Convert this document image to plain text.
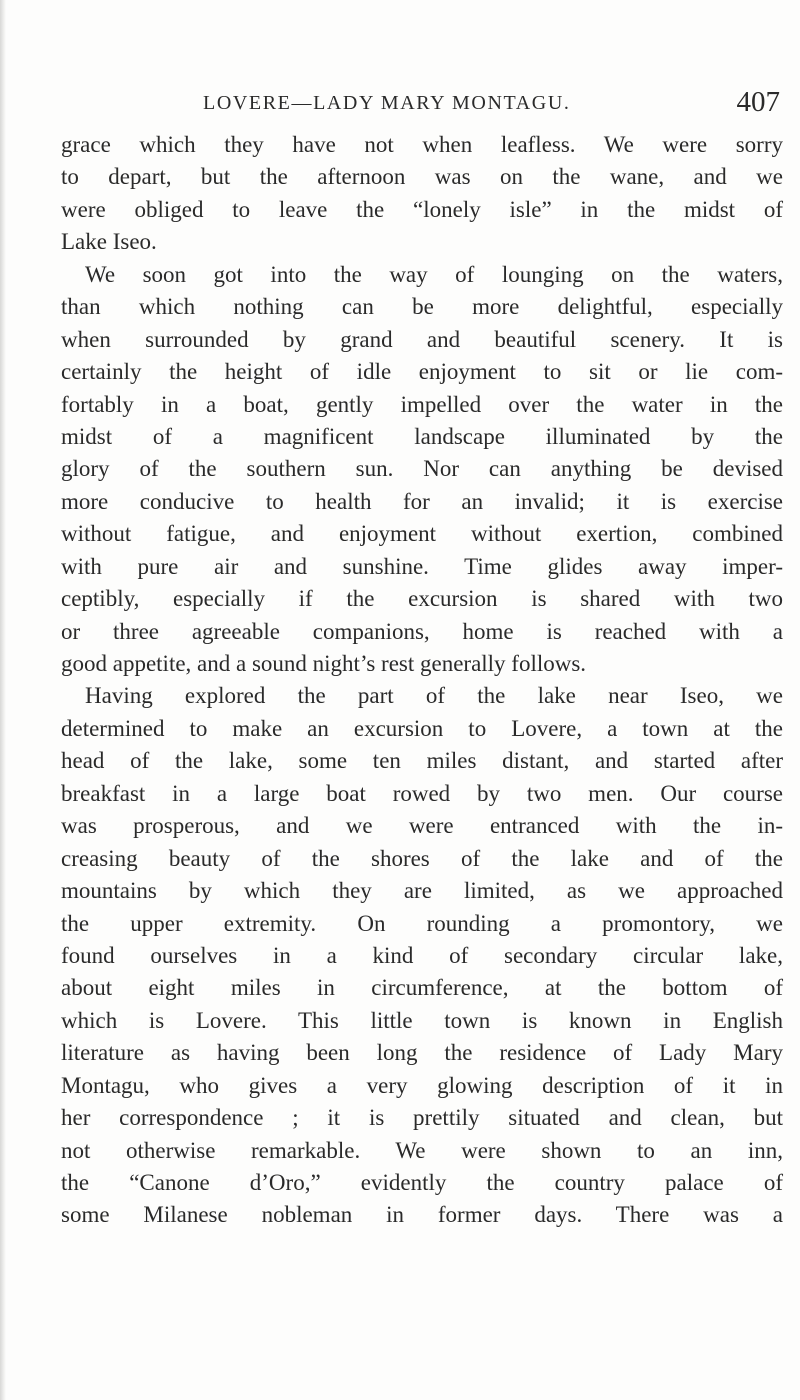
LOVERE—LADY MARY MONTAGU.	407
grace which they have not when leafless. We were sorry
to depart, but the afternoon was on the wane, and we
were obliged to leave the “lonely isle” in the midst of
Lake Iseo.
We soon got into the way of lounging on the waters,
than which nothing can be more delightful, especially
when surrounded by grand and beautiful scenery. It is
certainly the height of idle enjoyment to sit or lie com-
fortably in a boat, gently impelled over the water in the
midst of a magnificent landscape illuminated by the
glory of the southern sun. Nor can anything be devised
more conducive to health for an invalid; it is exercise
without fatigue, and enjoyment without exertion, combined
with pure air and sunshine. Time glides away imper-
ceptibly, especially if the excursion is shared with two
or three agreeable companions, home is reached with a
good appetite, and a sound night’s rest generally follows.
Having explored the part of the lake near Iseo, we
determined to make an excursion to Lovere, a town at the
head of the lake, some ten miles distant, and started after
breakfast in a large boat rowed by two men. Our course
was prosperous, and we were entranced with the in-
creasing beauty of the shores of the lake and of the
mountains by which they are limited, as we approached
the upper extremity. On rounding a promontory, we
found ourselves in a kind of secondary circular lake,
about eight miles in circumference, at the bottom of
which is Lovere. This little town is known in English
literature as having been long the residence of Lady Mary
Montagu, who gives a very glowing description of it in
her correspondence ; it is prettily situated and clean, but
not otherwise remarkable. We were shown to an inn,
the “Canone d’Oro,” evidently the country palace of
some Milanese nobleman in former days. There was a
